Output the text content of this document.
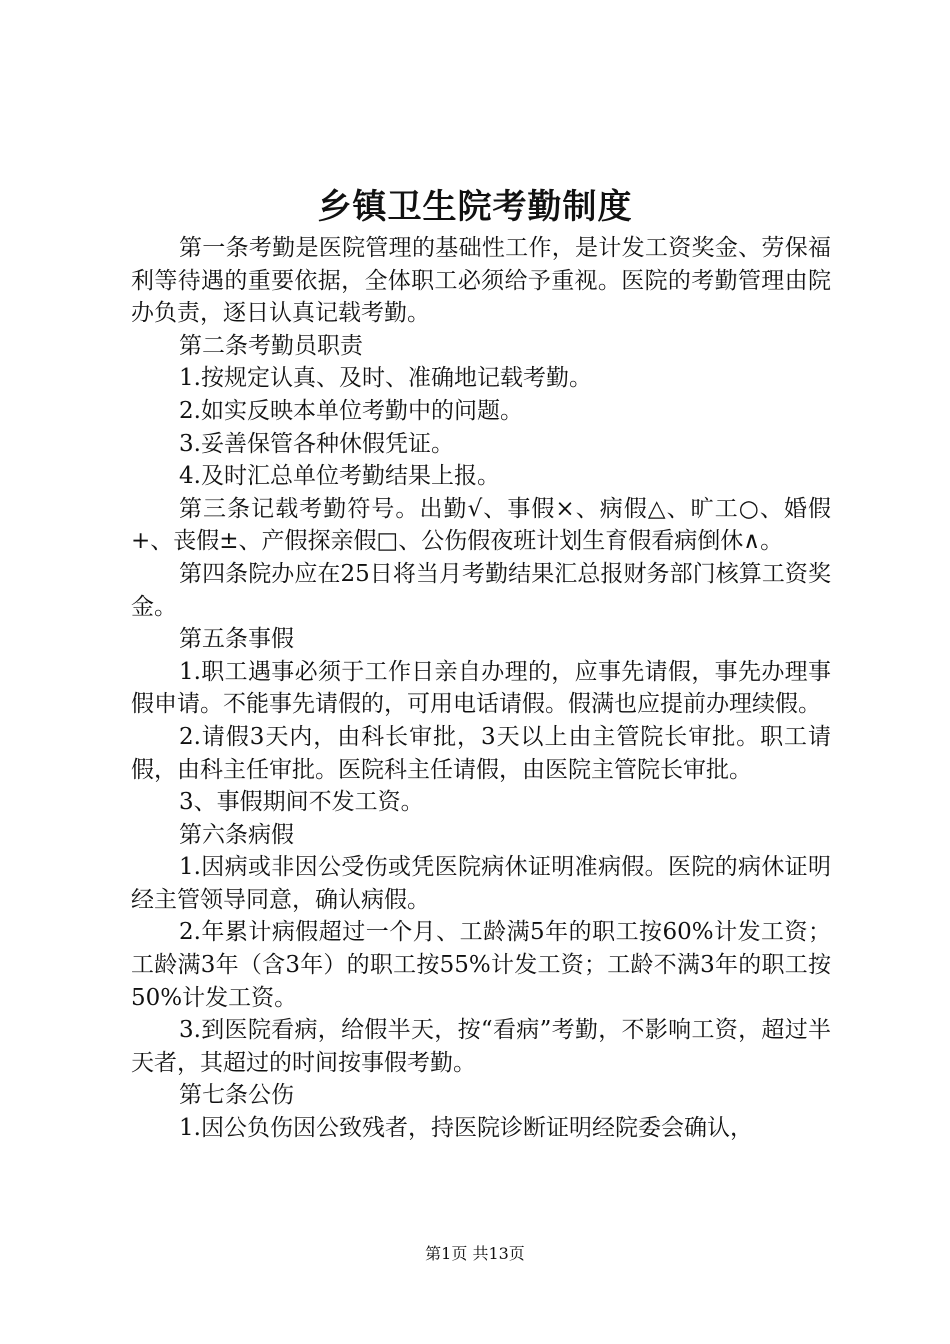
乡镇卫生院考勤制度

第一条考勤是医院管理的基础性工作，是计发工资奖金、劳保福利等待遇的重要依据，全体职工必须给予重视。医院的考勤管理由院办负责，逐日认真记载考勤。

第二条考勤员职责

1.按规定认真、及时、准确地记载考勤。

2.如实反映本单位考勤中的问题。

3.妥善保管各种休假凭证。

4.及时汇总单位考勤结果上报。

第三条记载考勤符号。出勤√、事假×、病假△、旷工○、婚假+、丧假±、产假探亲假□、公伤假夜班计划生育假看病倒休∧。

第四条院办应在25日将当月考勤结果汇总报财务部门核算工资奖金。

第五条事假

1.职工遇事必须于工作日亲自办理的，应事先请假，事先办理事假申请。不能事先请假的，可用电话请假。假满也应提前办理续假。

2.请假3天内，由科长审批，3天以上由主管院长审批。职工请假，由科主任审批。医院科主任请假，由医院主管院长审批。

3、事假期间不发工资。

第六条病假

1.因病或非因公受伤或凭医院病休证明准病假。医院的病休证明经主管领导同意，确认病假。

2.年累计病假超过一个月、工龄满5年的职工按60%计发工资；工龄满3年（含3年）的职工按55%计发工资；工龄不满3年的职工按50%计发工资。

3.到医院看病，给假半天，按“看病”考勤，不影响工资，超过半天者，其超过的时间按事假考勤。

第七条公伤

1.因公负伤因公致残者，持医院诊断证明经院委会确认，

第1页 共13页
